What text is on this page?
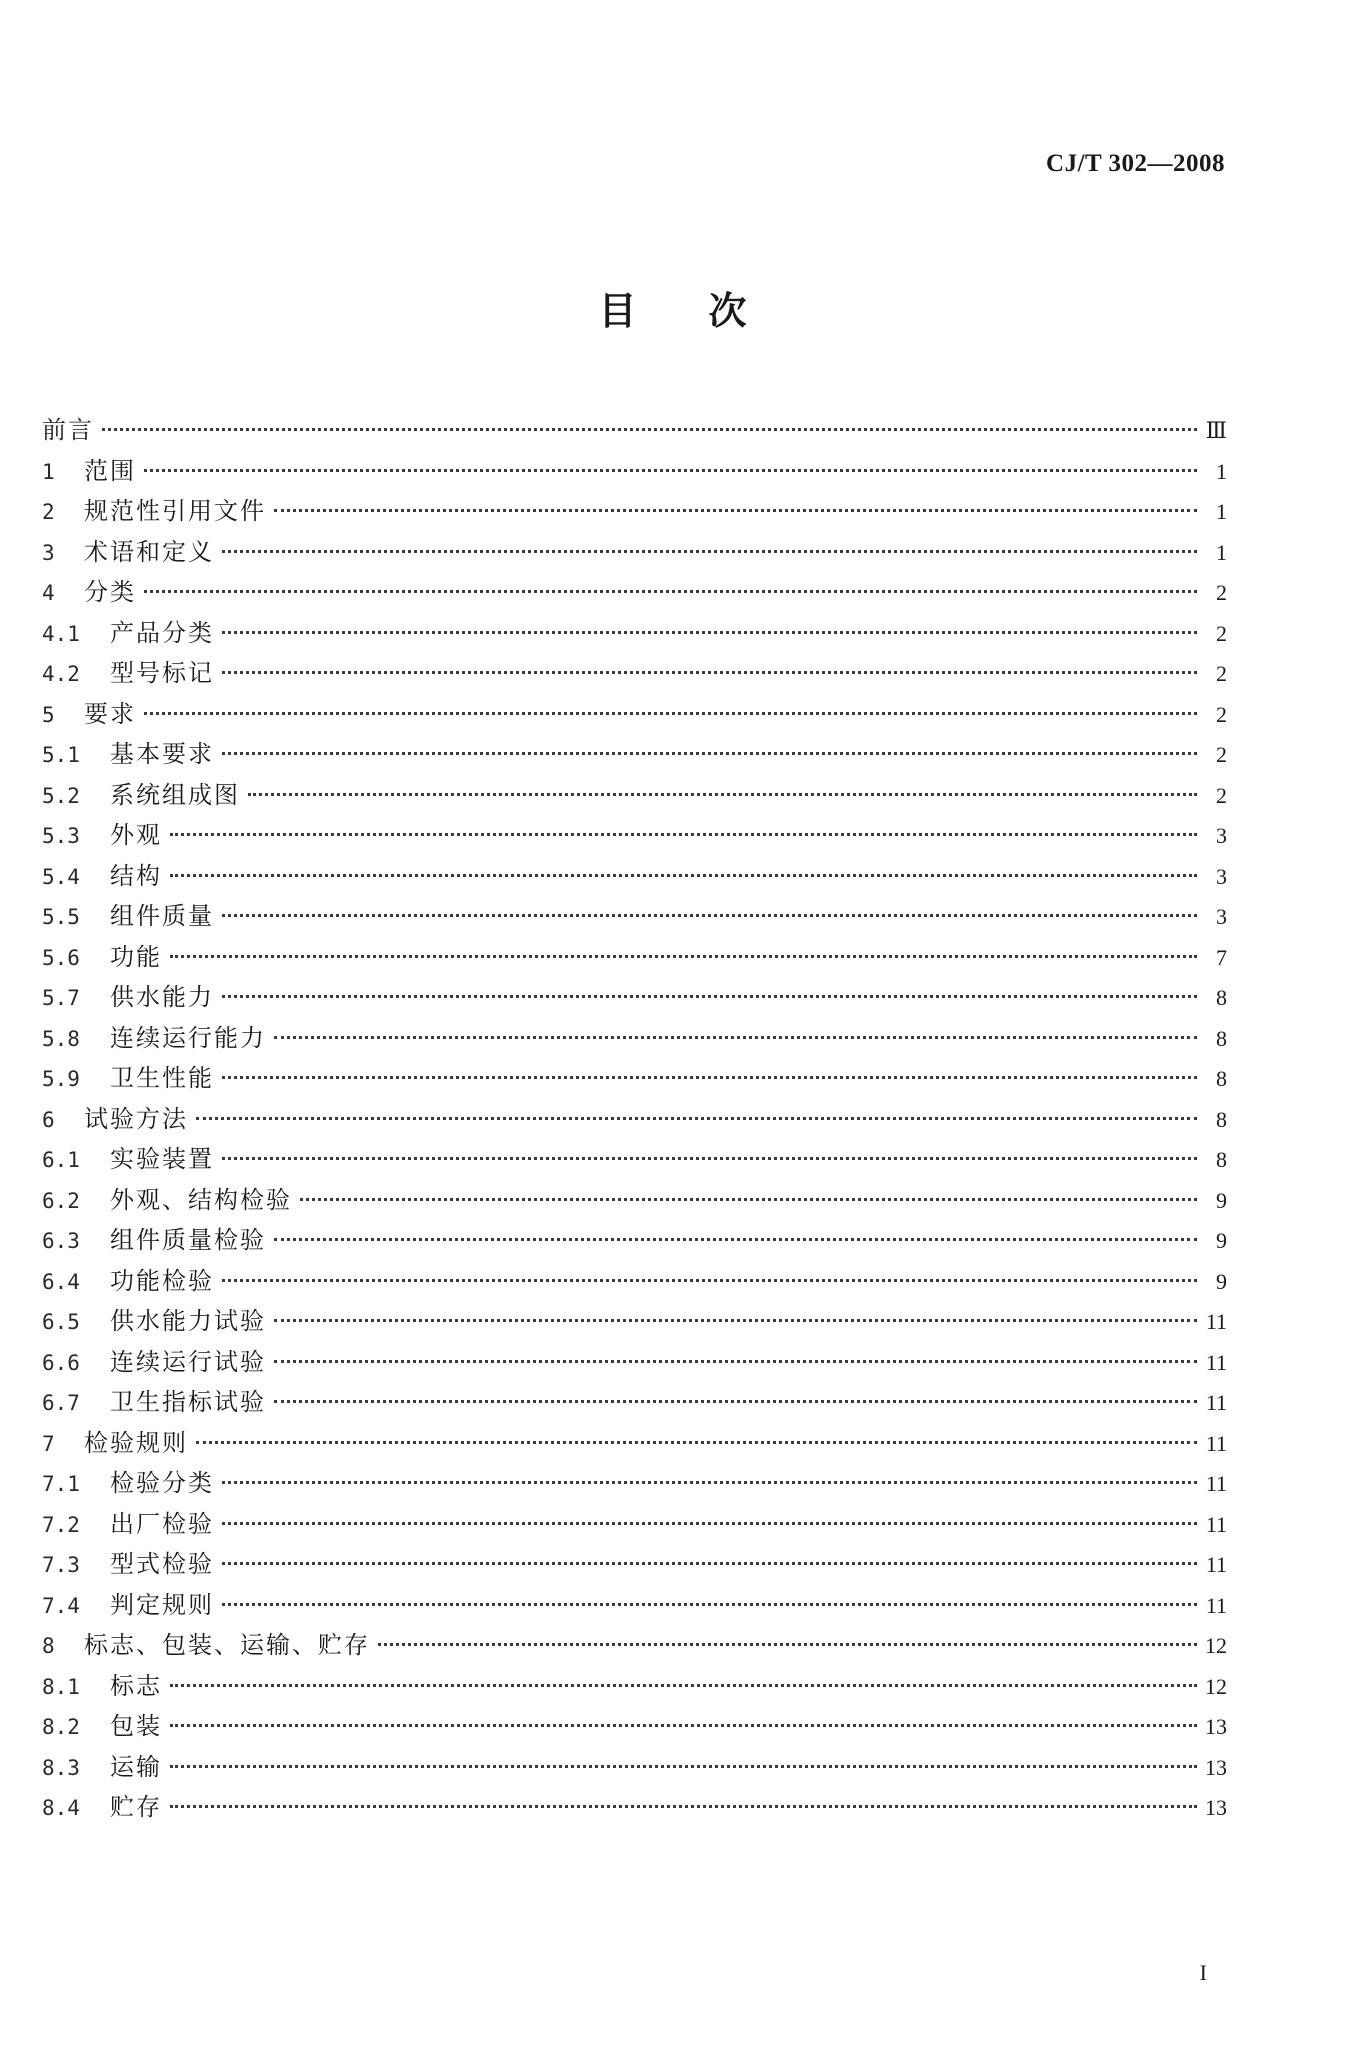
CJ/T 302—2008
目次
前言	Ⅲ
1	范围	1
2	规范性引用文件	1
3	术语和定义	1
4	分类	2
4.1	产品分类	2
4.2	型号标记	2
5	要求	2
5.1	基本要求	2
5.2	系统组成图	2
5.3	外观	3
5.4	结构	3
5.5	组件质量	3
5.6	功能	7
5.7	供水能力	8
5.8	连续运行能力	8
5.9	卫生性能	8
6	试验方法	8
6.1	实验装置	8
6.2	外观、结构检验	9
6.3	组件质量检验	9
6.4	功能检验	9
6.5	供水能力试验	11
6.6	连续运行试验	11
6.7	卫生指标试验	11
7	检验规则	11
7.1	检验分类	11
7.2	出厂检验	11
7.3	型式检验	11
7.4	判定规则	11
8	标志、包装、运输、贮存	12
8.1	标志	12
8.2	包装	13
8.3	运输	13
8.4	贮存	13
I
